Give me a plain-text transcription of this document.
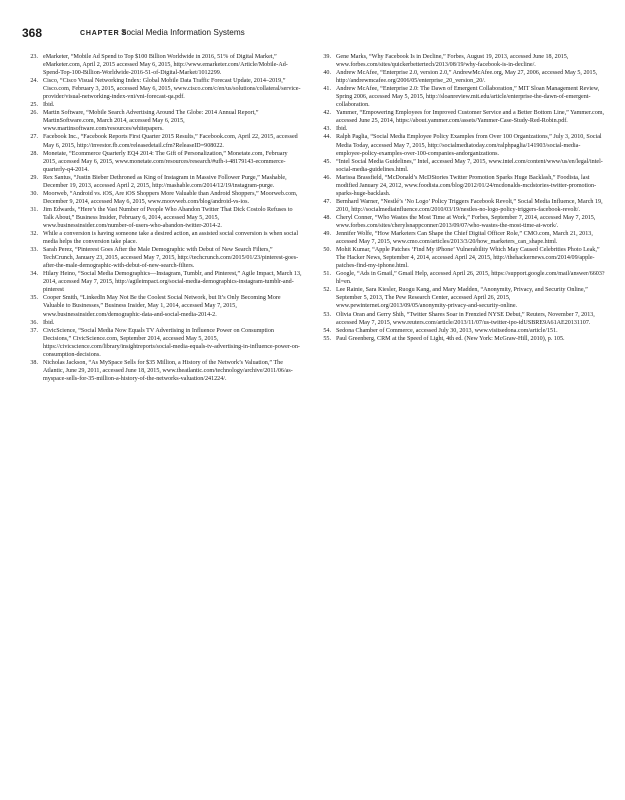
368	CHAPTER 8
Social Media Information Systems
23 . eMarketer, “Mobile Ad Spend to Top $100 Billion Worldwide in 2016, 51% of Digital Market,” eMarketer.com, April 2, 2015 accessed May 6, 2015, http://www.emarketer.com/Article/Mobile-Ad-Spend-Top-100-Billion-Worldwide-2016-51-of-Digital-Market/1012299.
24 . Cisco, “Cisco Visual Networking Index: Global Mobile Data Traffic Forecast Update, 2014–2019,” Cisco.com, February 3, 2015, accessed May 6, 2015, www.cisco.com/c/en/us/solutions/collateral/service-provider/visual-networking-index-vni/vni-forecast-qa.pdf.
25 . Ibid.
26 . Martin Software, “Mobile Search Advertising Around The Globe: 2014 Annual Report,” MartinSoftware.com, March 2014, accessed May 6, 2015, www.martinsoftware.com/resources/whitepapers.
27 . Facebook Inc., “Facebook Reports First Quarter 2015 Results,” Facebook.com, April 22, 2015, accessed May 6, 2015, http://investor.fb.com/releasedetail.cfm?ReleaseID=908022.
28 . Monetate, “Ecommerce Quarterly EQ4 2014: The Gift of Personalization,” Monetate.com, February 2015, accessed May 6, 2015, www.monetate.com/resources/research/#ufh-i-48179143-ecommerce-quarterly-q4-2014.
29 . Rex Santus, “Justin Bieber Dethroned as King of Instagram in Massive Follower Purge,” Mashable, December 19, 2013, accessed April 2, 2015, http://mashable.com/2014/12/19/instagram-purge.
30 . Moorweb, “Android vs. iOS, Are iOS Shoppers More Valuable than Android Shoppers,” Moorweb.com, December 9, 2014, accessed May 6, 2015, www.moovweb.com/blog/android-vs-ios.
31 . Jim Edwards, “Here’s the Vast Number of People Who Abandon Twitter That Dick Costolo Refuses to Talk About,” Business Insider, February 6, 2014, accessed May 5, 2015, www.businessinsider.com/number-of-users-who-abandon-twitter-2014-2.
32 . While a conversion is having someone take a desired action, an assisted social conversion is when social media helps the conversion take place.
33 . Sarah Perez, “Pinterest Goes After the Male Demographic with Debut of New Search Filters,” TechCrunch, January 23, 2015, accessed May 7, 2015, http://techcrunch.com/2015/01/23/pinterest-goes-after-the-male-demographic-with-debut-of-new-search-filters.
34 . Hilary Heino, “Social Media Demographics—Instagram, Tumblr, and Pinterest,” Agile Impact, March 13, 2014, accessed May 7, 2015, http://agileimpact.org/social-media-demographics-instagram-tumblr-and-pinterest
35 . Cooper Smith, “LinkedIn May Not Be the Coolest Social Network, but It’s Only Becoming More Valuable to Businesses,” Business Insider, May 1, 2014, accessed May 7, 2015, www.businessinsider.com/demographic-data-and-social-media-2014-2.
36 . Ibid.
37 . CivicScience, “Social Media Now Equals TV Advertising in Influence Power on Consumption Decisions,” CivicScience.com, September 2014, accessed May 5, 2015, https://civicscience.com/library/insightreports/social-media-equals-tv-advertising-in-influence-power-on-consumption-decisions.
38 . Nicholas Jackson, “As MySpace Sells for $35 Million, a History of the Network’s Valuation,” The Atlantic, June 29, 2011, accessed June 18, 2015, www.theatlantic.com/technology/archive/2011/06/as-myspace-sells-for-35-million-a-history-of-the-networks-valuation/241224/.
39 . Gene Marks, “Why Facebook Is in Decline,” Forbes, August 19, 2013, accessed June 18, 2015, www.forbes.com/sites/quickerbettertech/2013/08/19/why-facebook-is-in-decline/.
40 . Andrew McAfee, “Enterprise 2.0, version 2.0,” AndrewMcAfee.org, May 27, 2006, accessed May 5, 2015, http://andrewmcafee.org/2006/05/enterprise_20_version_20/.
41 . Andrew McAfee, “Enterprise 2.0: The Dawn of Emergent Collaboration,” MIT Sloan Management Review, Spring 2006, accessed May 5, 2015, http://sloanreview.mit.edu/article/enterprise-the-dawn-of-emergent-collaboration.
42 . Yammer, “Empowering Employees for Improved Customer Service and a Better Bottom Line,” Yammer.com, accessed June 25, 2014, https://about.yammer.com/assets/Yammer-Case-Study-Red-Robin.pdf.
43 . Ibid.
44 . Ralph Paglia, “Social Media Employee Policy Examples from Over 100 Organizations,” July 3, 2010, Social Media Today, accessed May 7, 2015, http://socialmediatoday.com/ralphpaglia/141903/social-media-employee-policy-examples-over-100-companies-andorganizations.
45 . “Intel Social Media Guidelines,” Intel, accessed May 7, 2015, www.intel.com/content/www/us/en/legal/intel-social-media-guidelines.html.
46 . Marissa Brassfield, “McDonald’s McDStories Twitter Promotion Sparks Huge Backlash,” Foodista, last modified January 24, 2012, www.foodista.com/blog/2012/01/24/mcdonalds-mcdstories-twitter-promotion-sparks-huge-backlash.
47 . Bernhard Warner, “Nestlé’s ‘No Logo’ Policy Triggers Facebook Revolt,” Social Media Influence, March 19, 2010, http://socialmediainfluence.com/2010/03/19/nestles-no-logo-policy-triggers-facebook-revolt/.
48 . Cheryl Conner, “Who Wastes the Most Time at Work,” Forbes, September 7, 2014, accessed May 7, 2015, www.forbes.com/sites/cherylsnappconner/2013/09/07/who-wastes-the-most-time-at-work/.
49 . Jennifer Wolfe, “How Marketers Can Shape the Chief Digital Officer Role,” CMO.com, March 21, 2013, accessed May 7, 2015, www.cmo.com/articles/2013/3/20/how_marketers_can_shape.html.
50 . Mohit Kumar, “Apple Patches ‘Find My iPhone’ Vulnerability Which May Caused Celebrities Photo Leak,” The Hacker News, September 4, 2014, accessed April 24, 2015, http://thehackernews.com/2014/09/apple-patches-find-my-iphone.html.
51 . Google, “Ads in Gmail,” Gmail Help, accessed April 26, 2015, https://support.google.com/mail/answer/6603?hl=en.
52 . Lee Rainie, Sara Kiesler, Ruogu Kang, and Mary Madden, “Anonymity, Privacy, and Security Online,” September 5, 2013, The Pew Research Center, accessed April 26, 2015, www.pewinternet.org/2013/09/05/anonymity-privacy-and-security-online.
53 . Olivia Oran and Gerry Shih, “Twitter Shares Soar in Frenzied NYSE Debut,” Reuters, November 7, 2013, accessed May 7, 2015, www.reuters.com/article/2013/11/07/us-twitter-ipo-idUSBRE9A61AE20131107.
54 . Sedona Chamber of Commerce, accessed July 30, 2013, www.visitsedona.com/article/151.
55 . Paul Greenberg, CRM at the Speed of Light, 4th ed. (New York: McGraw-Hill, 2010), p. 105.
